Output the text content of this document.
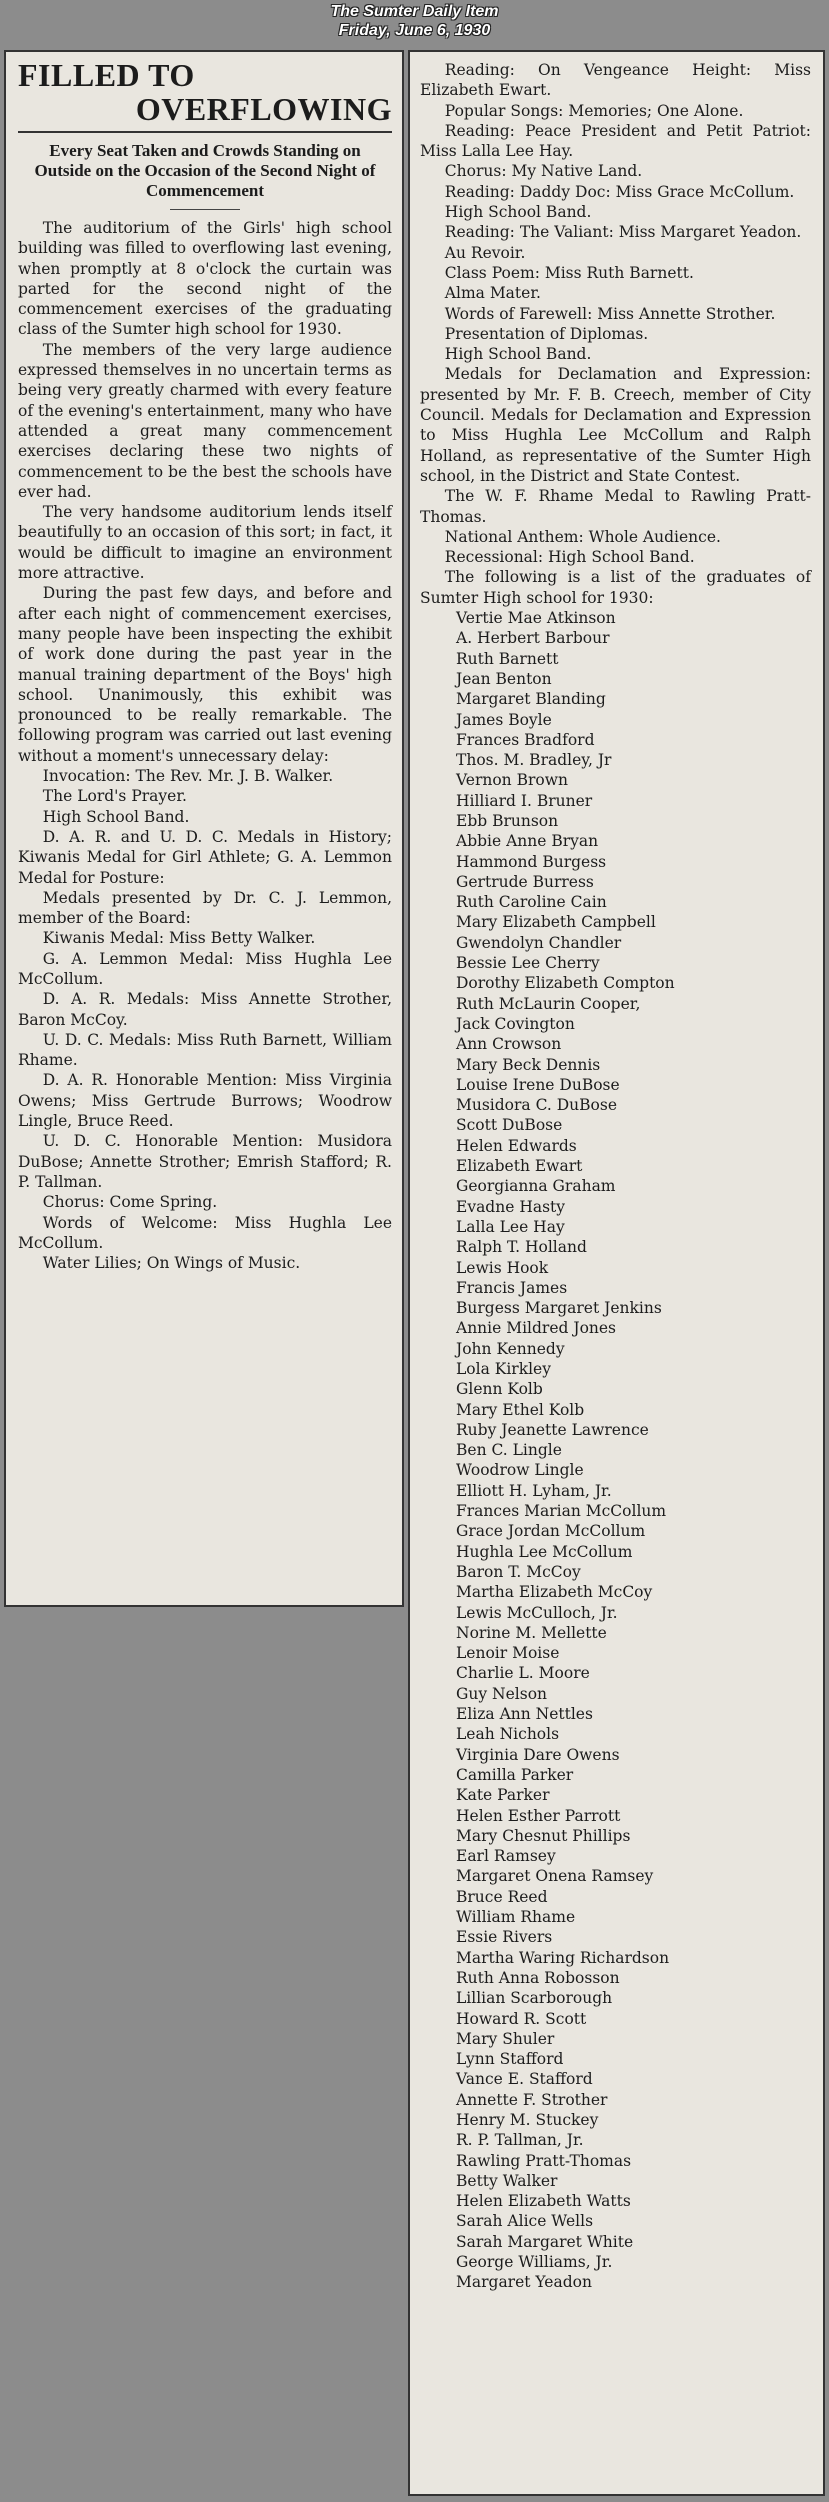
The Sumter Daily Item
Friday, June 6, 1930
FILLED TO
OVERFLOWING
Every Seat Taken and Crowds Standing on Outside on the Occasion of the Second Night of Commencement

The auditorium of the Girls' high school building was filled to overflowing last evening, when promptly at 8 o'clock the curtain was parted for the second night of the commencement exercises of the graduating class of the Sumter high school for 1930.

The members of the very large audience expressed themselves in no uncertain terms as being very greatly charmed with every feature of the evening's entertainment, many who have attended a great many commencement exercises declaring these two nights of commencement to be the best the schools have ever had.

The very handsome auditorium lends itself beautifully to an occasion of this sort; in fact, it would be difficult to imagine an environment more attractive.

During the past few days, and before and after each night of commencement exercises, many people have been inspecting the exhibit of work done during the past year in the manual training department of the Boys' high school. Unanimously, this exhibit was pronounced to be really remarkable. The following program was carried out last evening without a moment's unnecessary delay:

Invocation: The Rev. Mr. J. B. Walker.

The Lord's Prayer.

High School Band.

D. A. R. and U. D. C. Medals in History; Kiwanis Medal for Girl Athlete; G. A. Lemmon Medal for Posture:

Medals presented by Dr. C. J. Lemmon, member of the Board:

Kiwanis Medal: Miss Betty Walker.

G. A. Lemmon Medal: Miss Hughla Lee McCollum.

D. A. R. Medals: Miss Annette Strother, Baron McCoy.

U. D. C. Medals: Miss Ruth Barnett, William Rhame.

D. A. R. Honorable Mention: Miss Virginia Owens; Miss Gertrude Burrows; Woodrow Lingle, Bruce Reed.

U. D. C. Honorable Mention: Musidora DuBose; Annette Strother; Emrish Stafford; R. P. Tallman.

Chorus: Come Spring.

Words of Welcome: Miss Hughla Lee McCollum.

Water Lilies; On Wings of Music.

Reading: On Vengeance Height: Miss Elizabeth Ewart.

Popular Songs: Memories; One Alone.

Reading: Peace President and Petit Patriot: Miss Lalla Lee Hay.

Chorus: My Native Land.

Reading: Daddy Doc: Miss Grace McCollum.

High School Band.

Reading: The Valiant: Miss Margaret Yeadon.

Au Revoir.

Class Poem: Miss Ruth Barnett.

Alma Mater.

Words of Farewell: Miss Annette Strother.

Presentation of Diplomas.

High School Band.

Medals for Declamation and Expression: presented by Mr. F. B. Creech, member of City Council. Medals for Declamation and Expression to Miss Hughla Lee McCollum and Ralph Holland, as representative of the Sumter High school, in the District and State Contest.

The W. F. Rhame Medal to Rawling Pratt-Thomas.

National Anthem: Whole Audience.

Recessional: High School Band.

The following is a list of the graduates of Sumter High school for 1930:

Vertie Mae Atkinson
A. Herbert Barbour
Ruth Barnett
Jean Benton
Margaret Blanding
James Boyle
Frances Bradford
Thos. M. Bradley, Jr
Vernon Brown
Hilliard I. Bruner
Ebb Brunson
Abbie Anne Bryan
Hammond Burgess
Gertrude Burress
Ruth Caroline Cain
Mary Elizabeth Campbell
Gwendolyn Chandler
Bessie Lee Cherry
Dorothy Elizabeth Compton
Ruth McLaurin Cooper,
Jack Covington
Ann Crowson
Mary Beck Dennis
Louise Irene DuBose
Musidora C. DuBose
Scott DuBose
Helen Edwards
Elizabeth Ewart
Georgianna Graham
Evadne Hasty
Lalla Lee Hay
Ralph T. Holland
Lewis Hook
Francis James
Burgess Margaret Jenkins
Annie Mildred Jones
John Kennedy
Lola Kirkley
Glenn Kolb
Mary Ethel Kolb
Ruby Jeanette Lawrence
Ben C. Lingle
Woodrow Lingle
Elliott H. Lyham, Jr.
Frances Marian McCollum
Grace Jordan McCollum
Hughla Lee McCollum
Baron T. McCoy
Martha Elizabeth McCoy
Lewis McCulloch, Jr.
Norine M. Mellette
Lenoir Moise
Charlie L. Moore
Guy Nelson
Eliza Ann Nettles
Leah Nichols
Virginia Dare Owens
Camilla Parker
Kate Parker
Helen Esther Parrott
Mary Chesnut Phillips
Earl Ramsey
Margaret Onena Ramsey
Bruce Reed
William Rhame
Essie Rivers
Martha Waring Richardson
Ruth Anna Robosson
Lillian Scarborough
Howard R. Scott
Mary Shuler
Lynn Stafford
Vance E. Stafford
Annette F. Strother
Henry M. Stuckey
R. P. Tallman, Jr.
Rawling Pratt-Thomas
Betty Walker
Helen Elizabeth Watts
Sarah Alice Wells
Sarah Margaret White
George Williams, Jr.
Margaret Yeadon
